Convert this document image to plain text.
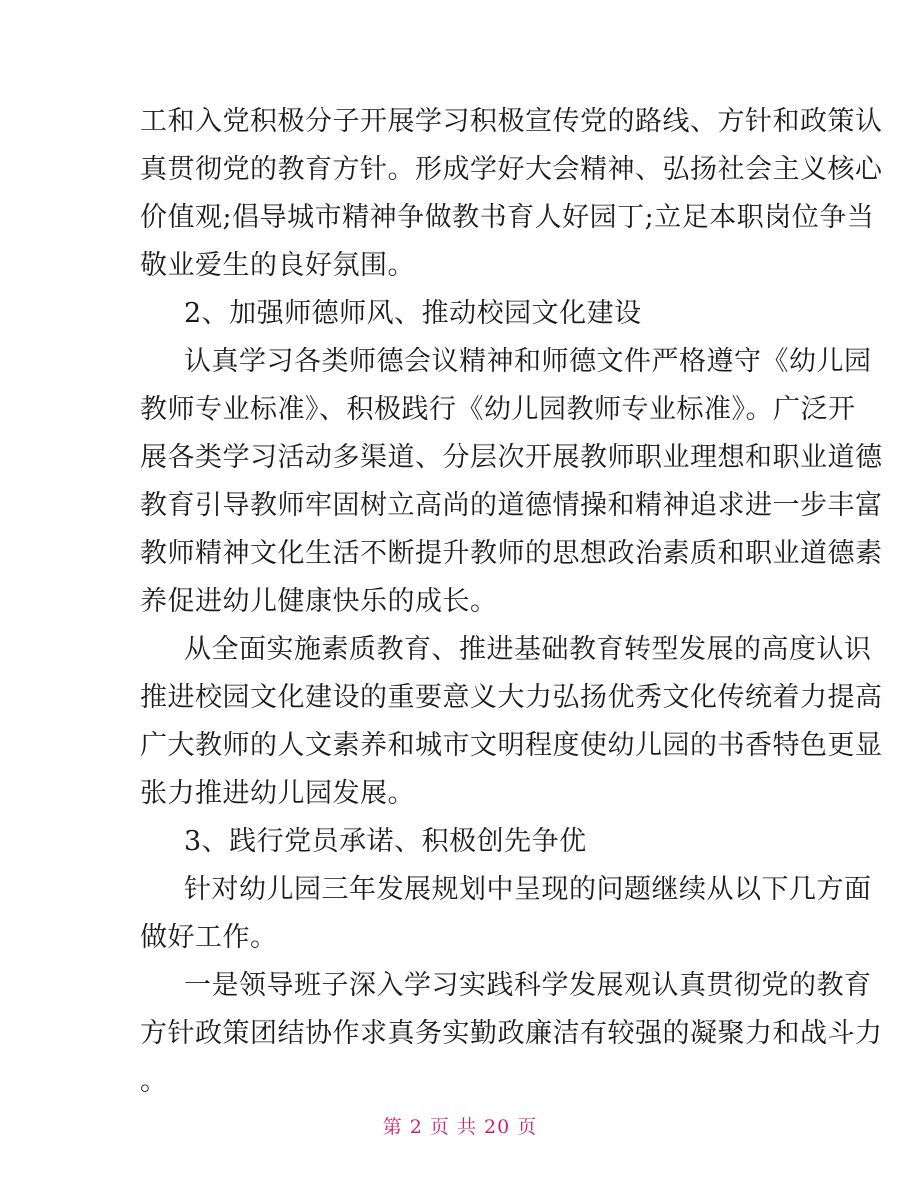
工和入党积极分子开展学习积极宣传党的路线、方针和政策认
真贯彻党的教育方针。形成学好大会精神、弘扬社会主义核心
价值观;倡导城市精神争做教书育人好园丁;立足本职岗位争当
敬业爱生的良好氛围。
2、加强师德师风、推动校园文化建设
认真学习各类师德会议精神和师德文件严格遵守《幼儿园
教师专业标准》、积极践行《幼儿园教师专业标准》。广泛开
展各类学习活动多渠道、分层次开展教师职业理想和职业道德
教育引导教师牢固树立高尚的道德情操和精神追求进一步丰富
教师精神文化生活不断提升教师的思想政治素质和职业道德素
养促进幼儿健康快乐的成长。
从全面实施素质教育、推进基础教育转型发展的高度认识
推进校园文化建设的重要意义大力弘扬优秀文化传统着力提高
广大教师的人文素养和城市文明程度使幼儿园的书香特色更显
张力推进幼儿园发展。
3、践行党员承诺、积极创先争优
针对幼儿园三年发展规划中呈现的问题继续从以下几方面
做好工作。
一是领导班子深入学习实践科学发展观认真贯彻党的教育
方针政策团结协作求真务实勤政廉洁有较强的凝聚力和战斗力
。
第 2 页 共 20 页
